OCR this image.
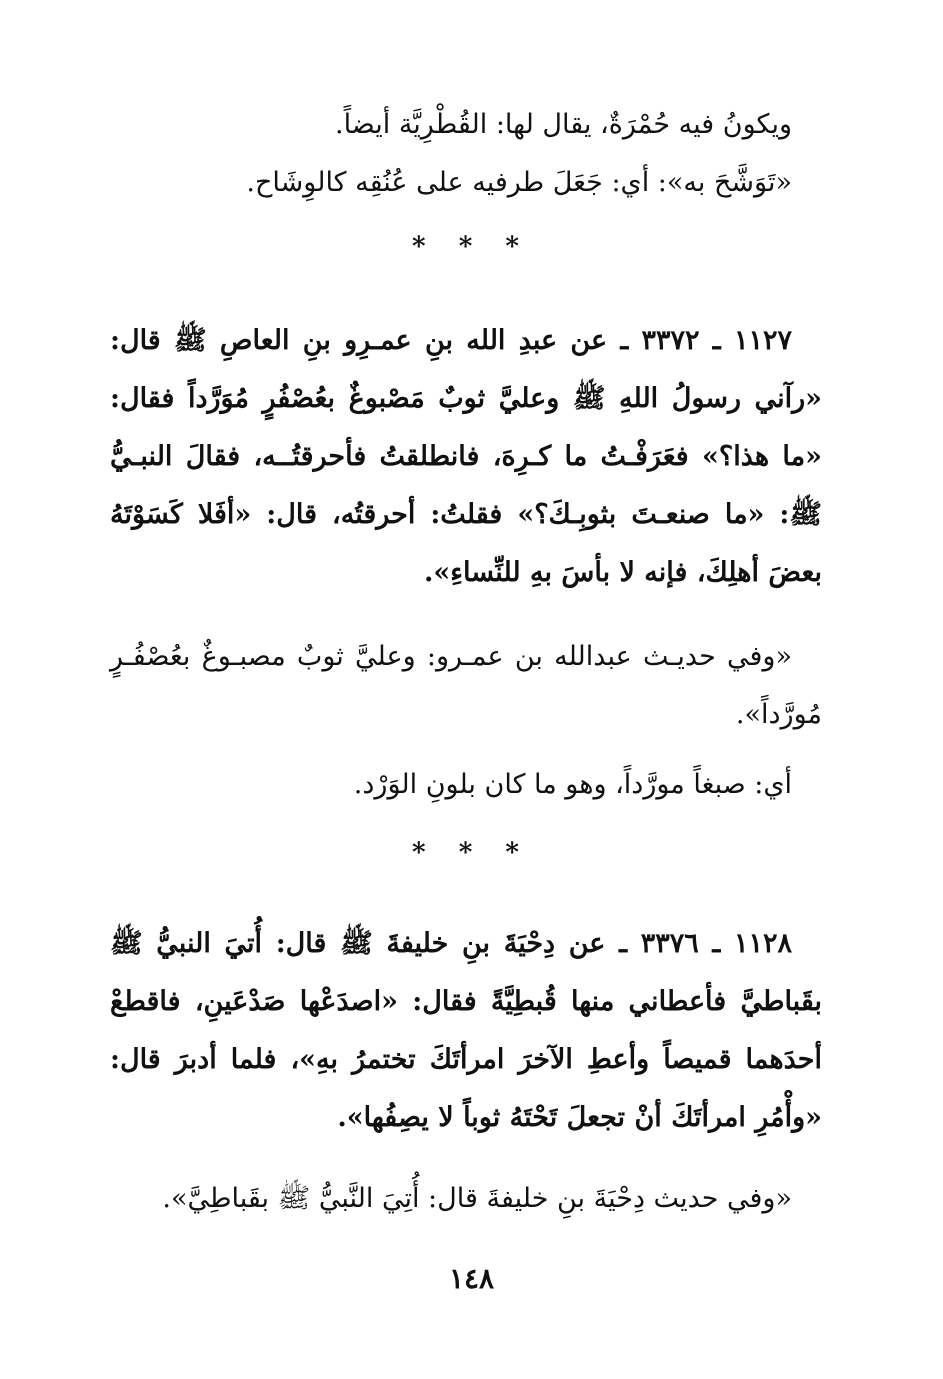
ويكونُ فيه حُمْرَةٌ، يقال لها: القُطْرِيَّة أيضاً.

«تَوَشَّحَ به»: أي: جَعَلَ طرفيه على عُنُقِه كالوِشَاح.

* * *

١١٢٧ ـ ٣٣٧٢ ـ عن عبدِ الله بنِ عمـرِو بنِ العاصِ ﷺ قال: «رآني رسولُ اللهِ ﷺ وعليَّ ثوبٌ مَصْبوغٌ بعُصْفُرٍ مُوَرَّداً فقال: «ما هذا؟» فعَرَفْـتُ ما كـرِهَ، فانطلقتُ فأحرقتُــه، فقالَ النبـيُّ ﷺ: «ما صنعـتَ بثوبِـكَ؟» فقلتُ: أحرقتُه، قال: «أفَلا كَسَوْتَهُ بعضَ أهلِكَ، فإنه لا بأسَ بهِ للنِّساءِ».

«وفي حديـث عبدالله بن عمـرو: وعليَّ ثوبٌ مصبـوغٌ بعُصْفُـرٍ مُورَّداً».

أي: صبغاً مورَّداً، وهو ما كان بلونِ الوَرْد.

* * *

١١٢٨ ـ ٣٣٧٦ ـ عن دِحْيَةَ بنِ خليفةَ ﷺ قال: أُتيَ النبيُّ ﷺ بقَباطيَّ فأعطاني منها قُبطِيَّةً فقال: «اصدَعْها صَدْعَينِ، فاقطعْ أحدَهما قميصاً وأعطِ الآخرَ امرأتَكَ تختمرُ بهِ»، فلما أدبرَ قال: «وأْمُرِ امرأتَكَ أنْ تجعلَ تَحْتَهُ ثوباً لا يصِفُها».

«وفي حديث دِحْيَةَ بنِ خليفةَ قال: أُتِيَ النَّبيُّ ﷺ بقَباطِيَّ».

١٤٨
